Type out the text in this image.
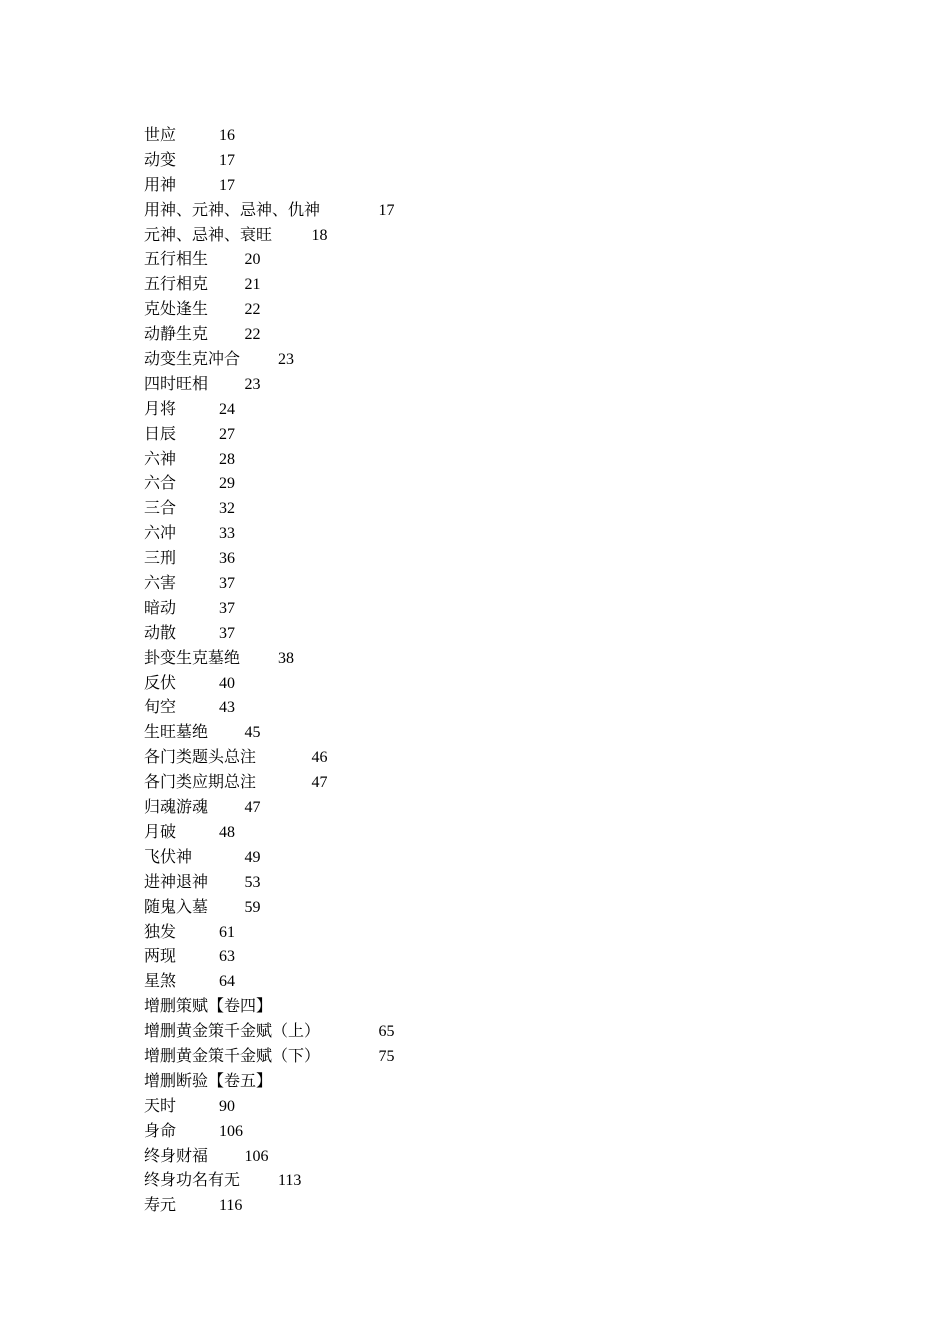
世应	16
动变	17
用神	17
用神、元神、忌神、仇神	17
元神、忌神、衰旺 18
五行相生 20
五行相克 21
克处逢生 22
动静生克 22
动变生克冲合 23
四时旺相 23
月将	24
日辰	27
六神	28
六合	29
三合	32
六冲	33
三刑	36
六害	37
暗动	37
动散	37
卦变生克墓绝 38
反伏	40
旬空	43
生旺墓绝 45
各门类题头总注	46
各门类应期总注	47
归魂游魂 47
月破	48
飞伏神	49
进神退神 53
随鬼入墓 59
独发	61
两现	63
星煞	64
增删策赋【卷四】
增删黄金策千金赋（上）	65
增删黄金策千金赋（下）	75
增删断验【卷五】
天时	90
身命	106
终身财福 106
终身功名有无 113
寿元	116
